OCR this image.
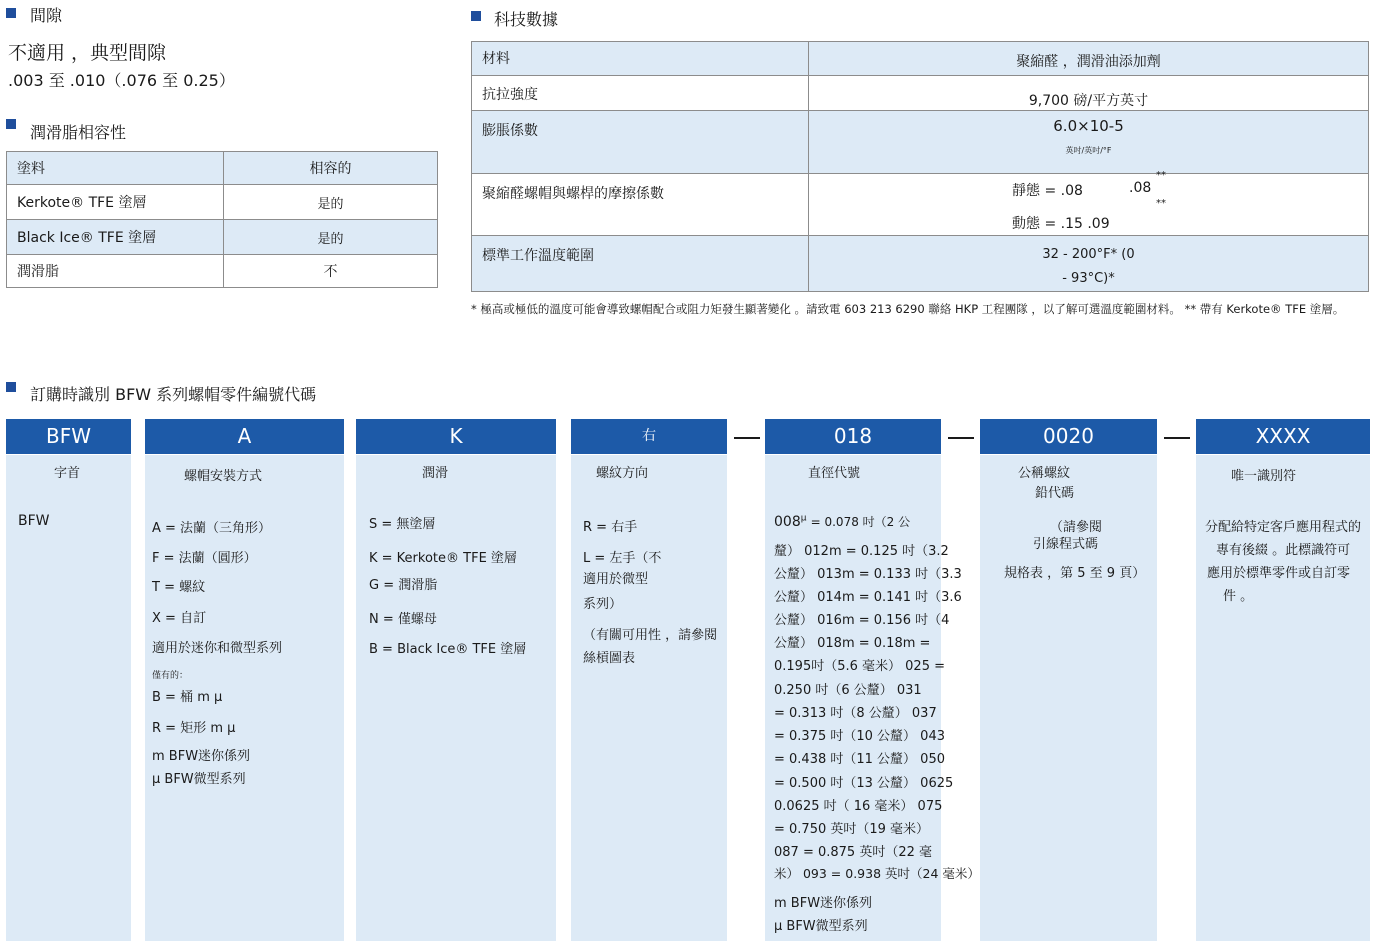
間隙
不適用 ，典型間隙
.003 至 .010（.076 至 0.25）
潤滑脂相容性
塗料	相容的
Kerkote® TFE 塗層	是的
Black Ice® TFE 塗層	是的
潤滑脂	不
科技數據
材料	聚縮醛 ，潤滑油添加劑
抗拉強度	9,700 磅/平方英寸
膨脹係數	6.0×10-5
英吋/英吋/°F

聚縮醛螺帽與螺桿的摩擦係數	靜態 = .08 .08
**
**
動態 = .15 .09

標準工作溫度範圍	32 - 200°F* (0
- 93°C)*
* 極高或極低的溫度可能會導致螺帽配合或阻力矩發生顯著變化 。請致電 603 213 6290 聯絡 HKP 工程團隊 ，以了解可選溫度範圍材料。 ** 帶有 Kerkote® TFE 塗層。
訂購時識別 BFW 系列螺帽零件編號代碼
BFW	A	K	右	018	0020	XXXX
字首
BFW
螺帽安裝方式
A = 法蘭（三角形）
F = 法蘭（圓形）
T = 螺紋
X = 自訂
適用於迷你和微型系列
僅有的：
B = 桶 m µ
R = 矩形 m µ
m BFW迷你係列
µ BFW微型系列
潤滑
S = 無塗層
K = Kerkote® TFE 塗層
G = 潤滑脂
N = 僅螺母
B = Black Ice® TFE 塗層
螺紋方向
R = 右手
L = 左手（不
適用於微型
系列）
（有關可用性 ，請參閱
絲槓圖表
直徑代號
$008^\mu = 0.078$ 吋（2 公
釐） 012m = 0.125 吋（3.2
公釐） 013m = 0.133 吋（3.3
公釐） 014m = 0.141 吋（3.6
公釐） 016m = 0.156 吋（4
公釐） 018m = 0.18m =
0.195吋（5.6 毫米） 025 =
0.250 吋（6 公釐） 031
= 0.313 吋（8 公釐） 037
= 0.375 吋（10 公釐） 043
= 0.438 吋（11 公釐） 050
= 0.500 吋（13 公釐） 0625
0.0625 吋（ 16 毫米） 075
= 0.750 英吋（19 毫米）
087 = 0.875 英吋（22 毫
米） 093 = 0.938 英吋（24 毫米）
m BFW迷你係列
µ BFW微型系列
公稱螺紋
鉛代碼
（請參閱
引線程式碼
規格表 ，第 5 至 9 頁）
唯一識別符
分配給特定客戶應用程式的
專有後綴 。此標識符可
應用於標準零件或自訂零
件 。
